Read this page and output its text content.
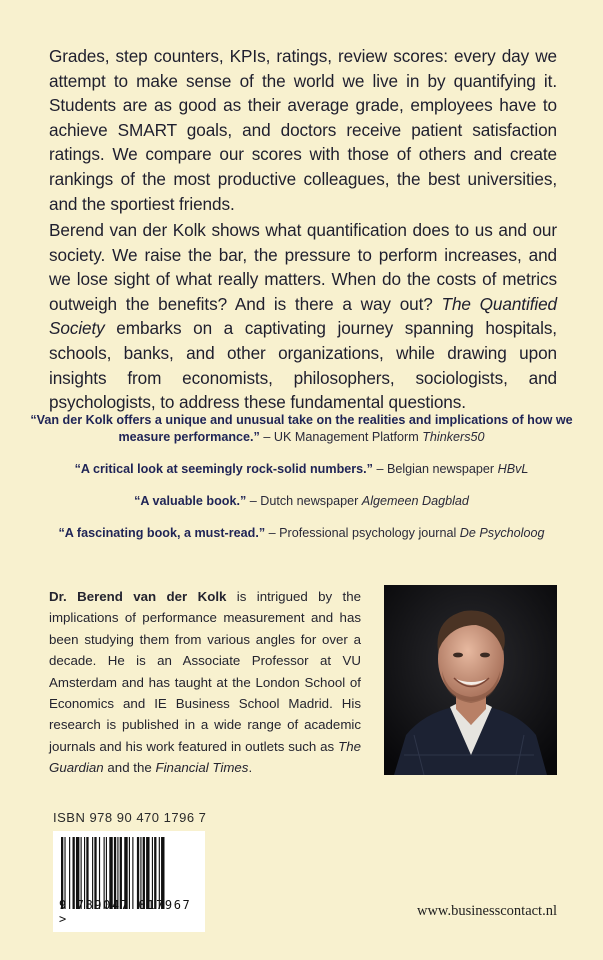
Grades, step counters, KPIs, ratings, review scores: every day we attempt to make sense of the world we live in by quantifying it. Students are as good as their average grade, employees have to achieve SMART goals, and doctors receive patient satisfaction ratings. We compare our scores with those of others and create rankings of the most productive colleagues, the best universities, and the sportiest friends.

Berend van der Kolk shows what quantification does to us and our society. We raise the bar, the pressure to perform increases, and we lose sight of what really matters. When do the costs of metrics outweigh the benefits? And is there a way out? The Quantified Society embarks on a captivating journey spanning hospitals, schools, banks, and other organizations, while drawing upon insights from economists, philosophers, sociologists, and psychologists, to address these fundamental questions.

“Van der Kolk offers a unique and unusual take on the realities and implications of how we measure performance.” – UK Management Platform Thinkers50

“A critical look at seemingly rock-solid numbers.” – Belgian newspaper HBvL

“A valuable book.” – Dutch newspaper Algemeen Dagblad

“A fascinating book, a must-read.” – Professional psychology journal De Psycholoog

Dr. Berend van der Kolk is intrigued by the implications of performance measurement and has been studying them from various angles for over a decade. He is an Associate Professor at VU Amsterdam and has taught at the London School of Economics and IE Business School Madrid. His research is published in a wide range of academic journals and his work featured in outlets such as The Guardian and the Financial Times.

ISBN 978 90 470 1796 7
9 789047 017967 >	www.businesscontact.nl
